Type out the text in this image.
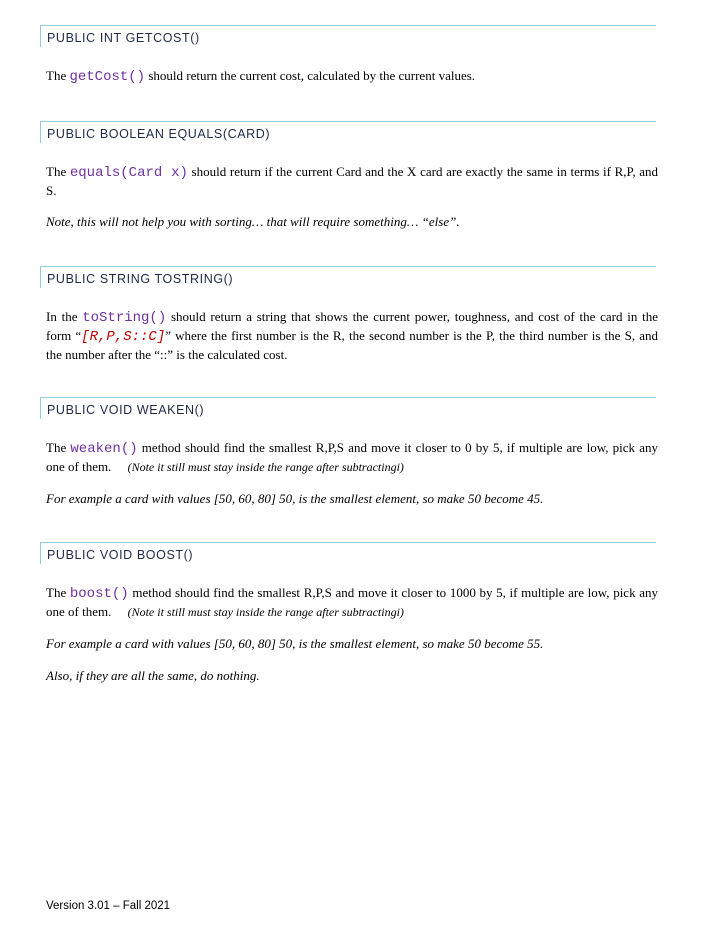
PUBLIC INT GETCOST()
The getCost() should return the current cost, calculated by the current values.
PUBLIC BOOLEAN EQUALS(CARD)
The equals(Card x) should return if the current Card and the X card are exactly the same in terms if R,P, and S.
Note, this will not help you with sorting… that will require something… “else”.
PUBLIC STRING TOSTRING()
In the toString() should return a string that shows the current power, toughness, and cost of the card in the form “[R,P,S::C]” where the first number is the R, the second number is the P, the third number is the S, and the number after the “::” is the calculated cost.
PUBLIC VOID WEAKEN()
The weaken() method should find the smallest R,P,S and move it closer to 0 by 5, if multiple are low, pick any one of them. (Note it still must stay inside the range after subtractingi)
For example a card with values [50, 60, 80] 50, is the smallest element, so make 50 become 45.
PUBLIC VOID BOOST()
The boost() method should find the smallest R,P,S and move it closer to 1000 by 5, if multiple are low, pick any one of them. (Note it still must stay inside the range after subtractingi)
For example a card with values [50, 60, 80] 50, is the smallest element, so make 50 become 55.
Also, if they are all the same, do nothing.
Version 3.01 – Fall 2021
